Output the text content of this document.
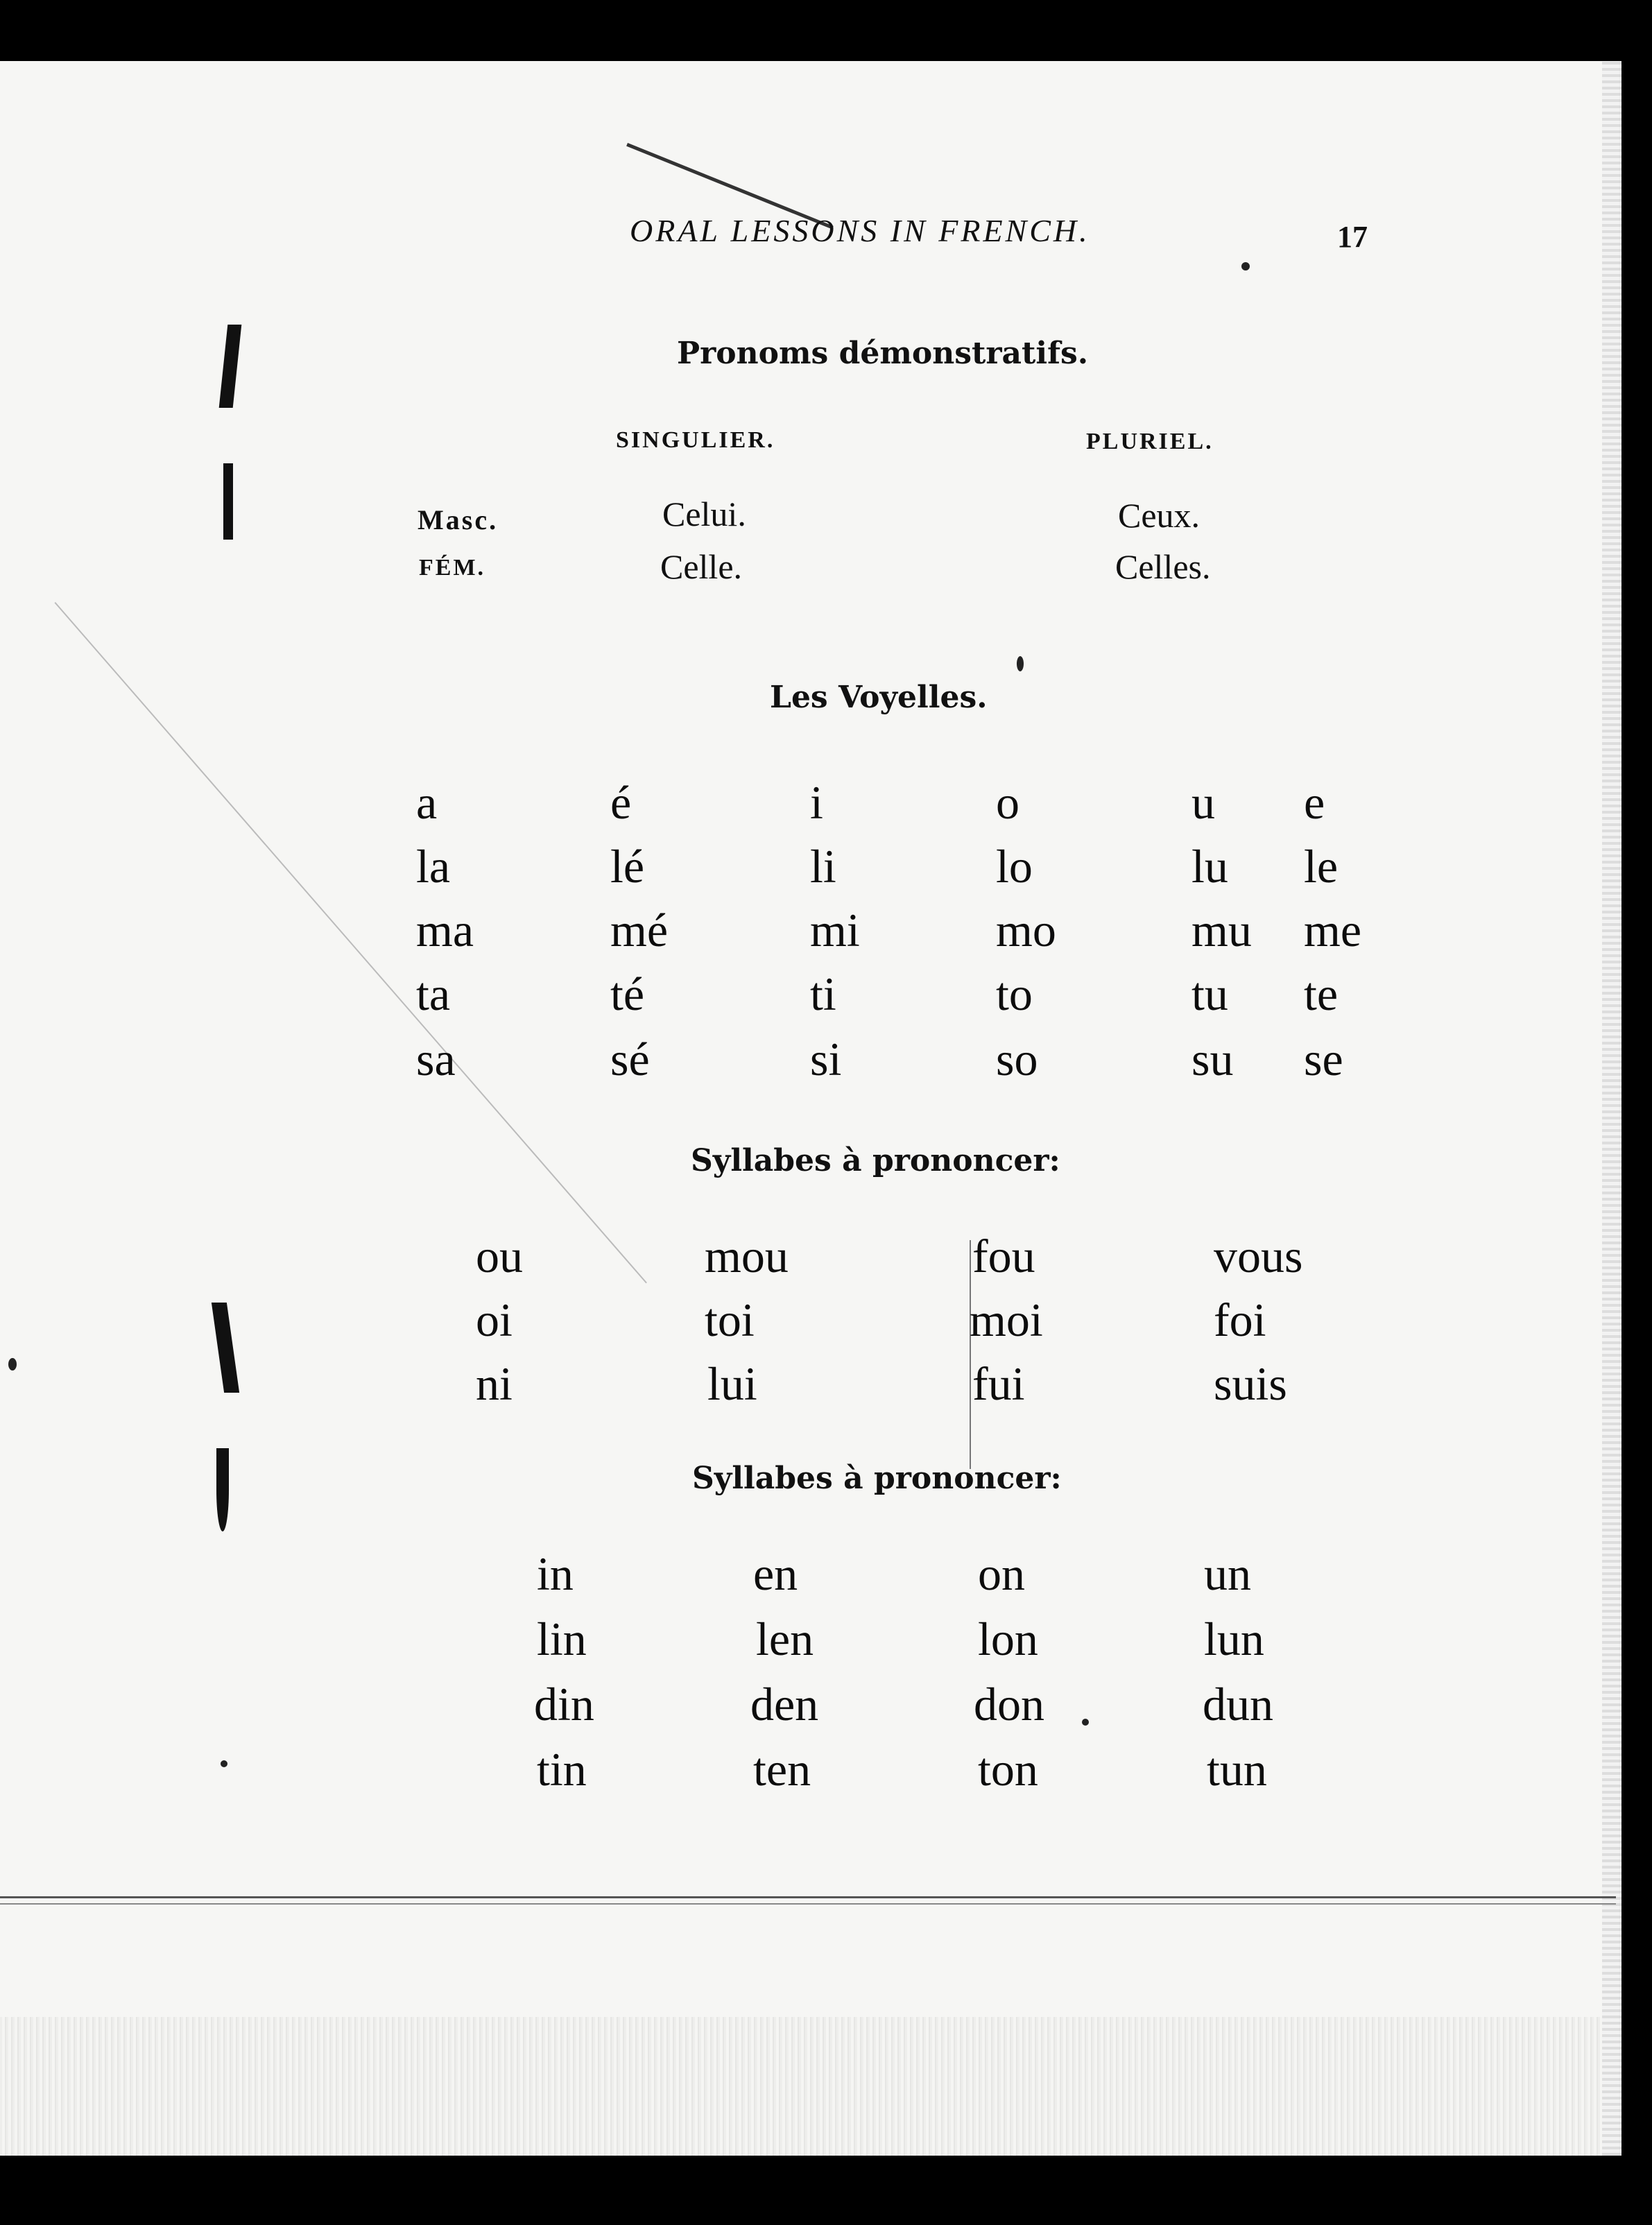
ORAL LESSONS IN FRENCH.	17
Pronoms démonstratifs.
SINGULIER.	PLURIEL.
Masc.	Celui.	Ceux.
FÉM.	Celle.	Celles.
Les Voyelles.
a	é	i	o	u e
la	lé	li	lo	lu le
ma	mé	mi	mo	mu me
ta	té	ti	to	tu te
sa	sé	si	so	su se
Syllabes à prononcer:
ou	mou	fou	vous
oi	toi	moi	foi
ni	lui	fui	suis
Syllabes à prononcer:
in	en	on	un
lin	len	lon	lun
din	den	don	dun
tin	ten	ton	tun
